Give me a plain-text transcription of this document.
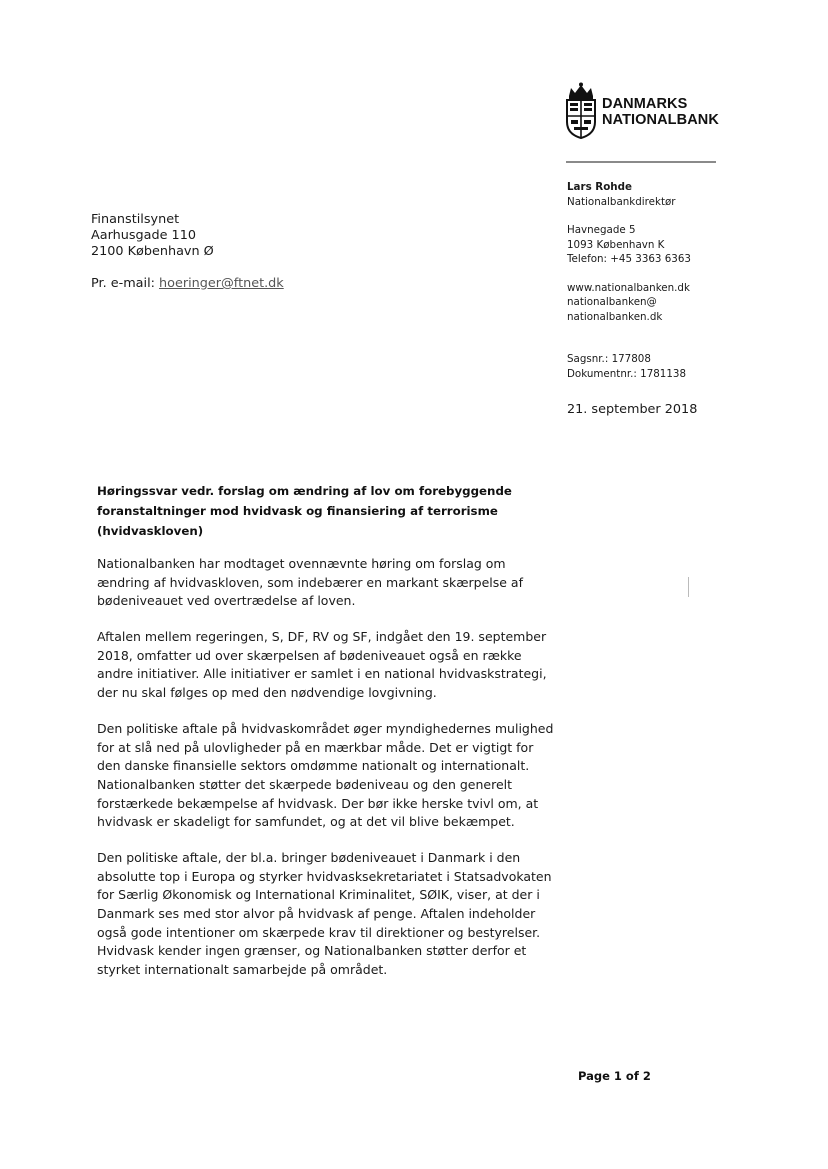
DANMARKS
NATIONALBANK
Lars Rohde
Nationalbankdirektør
Havnegade 5
1093 København K
Telefon: +45 3363 6363
www.nationalbanken.dk
nationalbanken@
nationalbanken.dk
Sagsnr.: 177808
Dokumentnr.: 1781138
21. september 2018
Finanstilsynet
Aarhusgade 110
2100 København Ø
Pr. e-mail: hoeringer@ftnet.dk
Høringssvar vedr. forslag om ændring af lov om forebyggende foranstaltninger mod hvidvask og finansiering af terrorisme (hvidvaskloven)

Nationalbanken har modtaget ovennævnte høring om forslag om ændring af hvidvaskloven, som indebærer en markant skærpelse af bødeniveauet ved overtrædelse af loven.

Aftalen mellem regeringen, S, DF, RV og SF, indgået den 19. september 2018, omfatter ud over skærpelsen af bødeniveauet også en række andre initiativer. Alle initiativer er samlet i en national hvidvaskstrategi, der nu skal følges op med den nødvendige lovgivning.

Den politiske aftale på hvidvaskområdet øger myndighedernes mulighed for at slå ned på ulovligheder på en mærkbar måde. Det er vigtigt for den danske finansielle sektors omdømme nationalt og internationalt. Nationalbanken støtter det skærpede bødeniveau og den generelt forstærkede bekæmpelse af hvidvask. Der bør ikke herske tvivl om, at hvidvask er skadeligt for samfundet, og at det vil blive bekæmpet.

Den politiske aftale, der bl.a. bringer bødeniveauet i Danmark i den absolutte top i Europa og styrker hvidvasksekretariatet i Statsadvokaten for Særlig Økonomisk og International Kriminalitet, SØIK, viser, at der i Danmark ses med stor alvor på hvidvask af penge. Aftalen indeholder også gode intentioner om skærpede krav til direktioner og bestyrelser. Hvidvask kender ingen grænser, og Nationalbanken støtter derfor et styrket internationalt samarbejde på området.

Page 1 of 2
